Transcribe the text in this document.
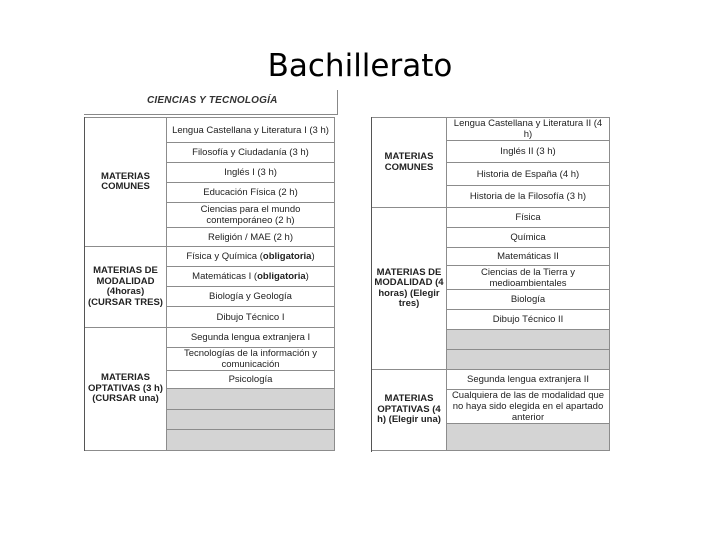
Bachillerato
CIENCIAS Y TECNOLOGÍA
MATERIAS COMUNES	Lengua Castellana y Literatura I (3 h)
	Filosofía y Ciudadanía (3 h)
	Inglés I (3 h)
	Educación Física (2 h)
	Ciencias para el mundo contemporáneo (2 h)
	Religión / MAE (2 h)
MATERIAS DE MODALIDAD (4horas) (CURSAR TRES)	Física y Química (obligatoria)
	Matemáticas I (obligatoria)
	Biología y Geología
	Dibujo Técnico I
MATERIAS OPTATIVAS (3 h) (CURSAR una)	Segunda lengua extranjera I
	Tecnologías de la información y comunicación
	Psicología

MATERIAS COMUNES	Lengua Castellana y Literatura II (4 h)
	Inglés II (3 h)
	Historia de España (4 h)
	Historia de la Filosofía (3 h)
MATERIAS DE MODALIDAD (4 horas) (Elegir tres)	Física
	Química
	Matemáticas II
	Ciencias de la Tierra y medioambientales
	Biología
	Dibujo Técnico II

MATERIAS OPTATIVAS (4 h) (Elegir una)	Segunda lengua extranjera II
	Cualquiera de las de modalidad que no haya sido elegida en el apartado anterior
